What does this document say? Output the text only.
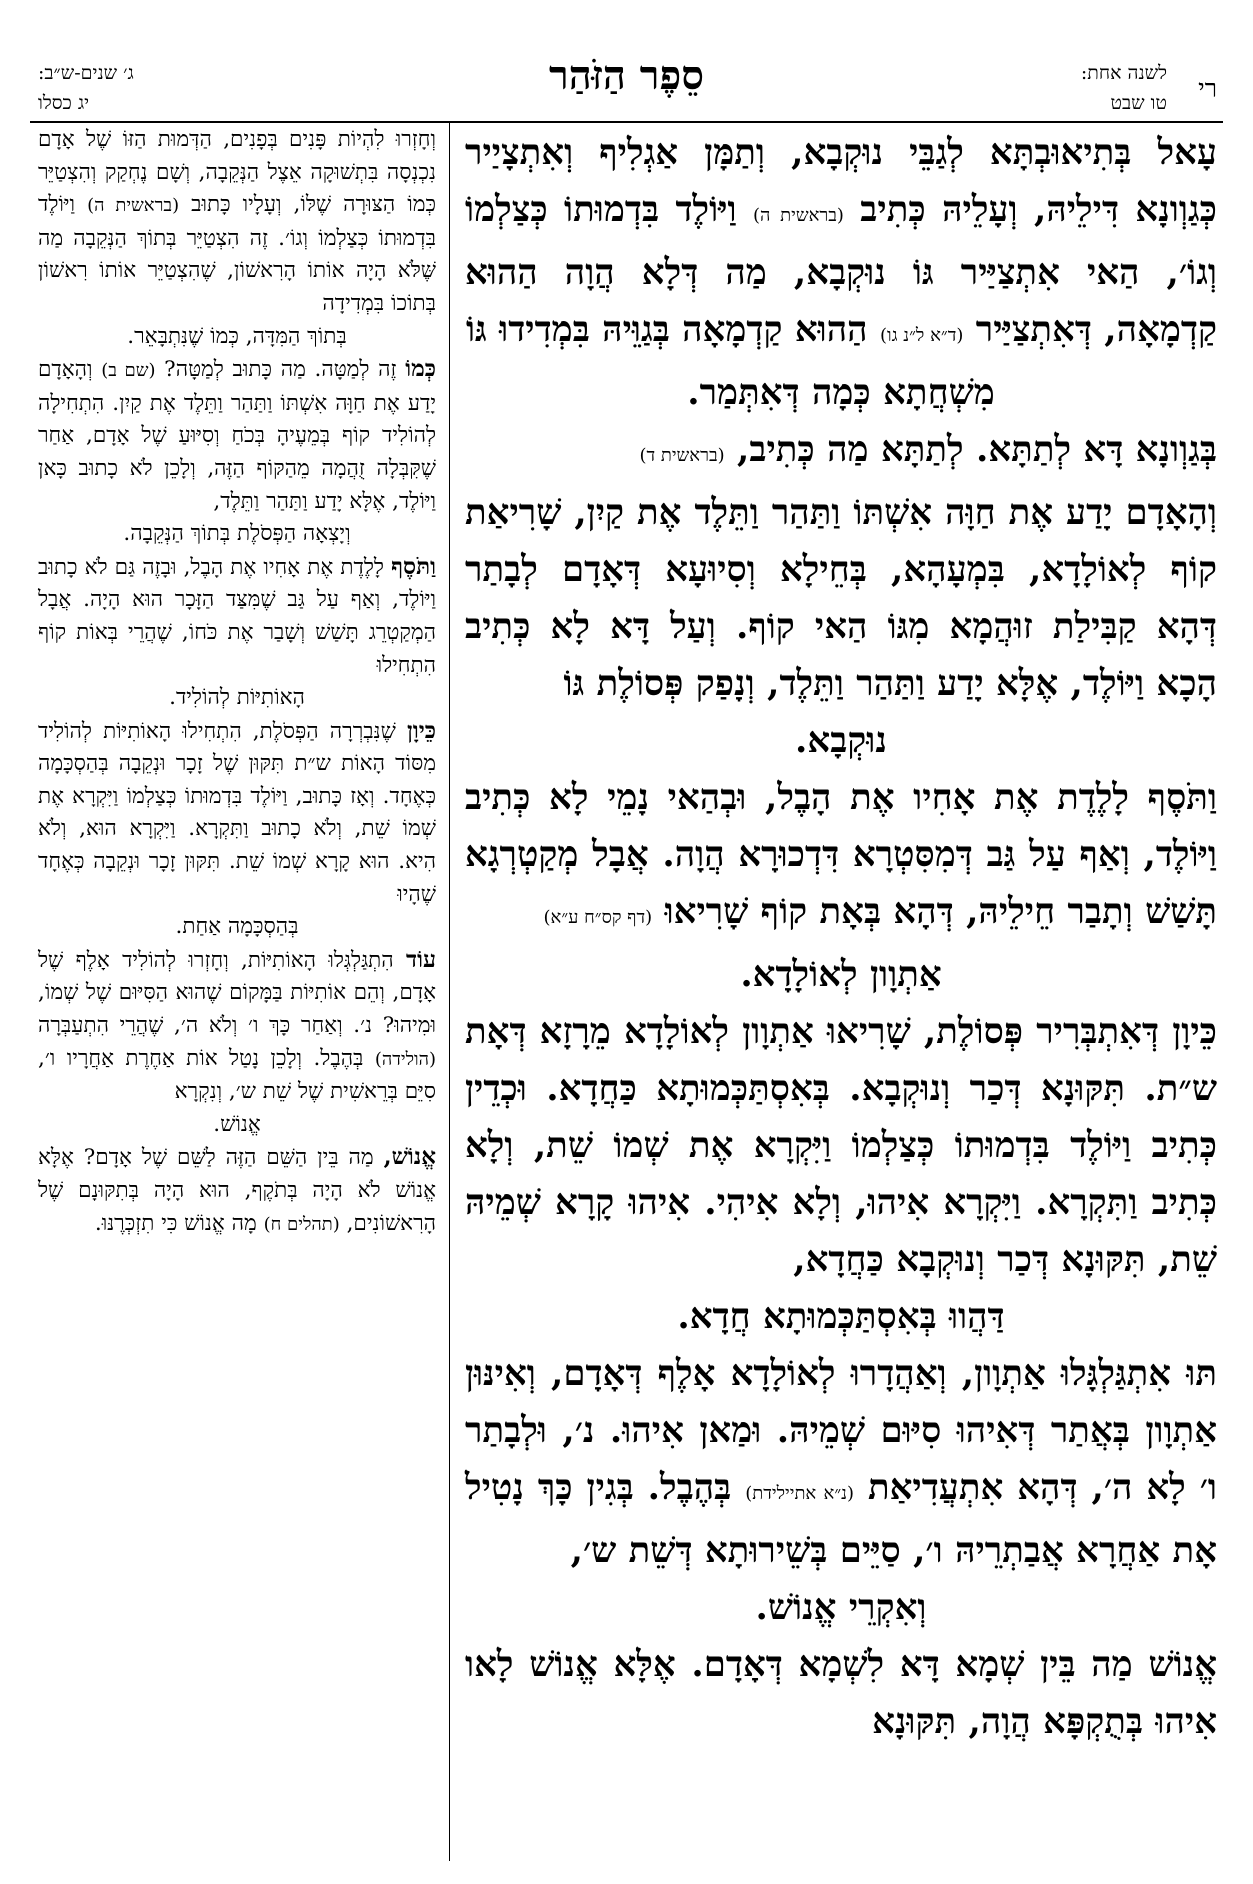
רי
לשנה אחת:
טו שבט
סֵפֶר הַזֹּהַר
ג׳ שנים-ש״ב:
יג כסלו

עָאל בְּתִיאוּבְתָּא לְגַבֵּי נוּקְבָא, וְתַמָּן אַגְלִיף וְאִתְצָיַיר כְּגַוְונָא דִּילֵיהּ, וְעָלֵיהּ כְּתִיב (בראשית ה) וַיּוֹלֶד בִּדְמוּתוֹ כְּצַלְמוֹ וְגוֹ׳, הַאי אִתְצַיַּיר גּוֹ נוּקְבָא, מַה דְּלָא הֲוָה הַהוּא קַדְמָאָה, דְּאִתְצַיַּיר (ד״א ל״נ גו) הַהוּא קַדְמָאָה בְּגַוֵּיהּ בִּמְדִידוּ גּוֹ

מִשְׁחֲתָא כְּמָה דְּאִתְּמַר.

בְּגַוְונָא דָּא לְתַתָּא. לְתַתָּא מַה כְּתִיב, (בראשית ד)

וְהָאָדָם יָדַע אֶת חַוָּה אִשְׁתּוֹ וַתַּהַר וַתֵּלֶד אֶת קַיִן, שָׁרִיאַת קוֹף לְאוֹלָדָא, בִּמְעָהָא, בְּחֵילָא וְסִיוּעָא דְּאָדָם לְבָתַר דְּהָא קַבִּילַת זוּהֲמָא מִגּוֹ הַאי קוֹף. וְעַל דָּא לָא כְּתִיב הָכָא וַיּוֹלֶד, אֶלָּא יָדַע וַתַּהַר וַתֵּלֶד, וְנָפַק פְּסוֹלֶת גּוֹ

נוּקְבָא.

וַתֹּסֶף לָלֶדֶת אֶת אָחִיו אֶת הָבֶל, וּבְהַאי נָמֵי לָא כְּתִיב וַיּוֹלֶד, וְאַף עַל גַּב דְּמִסִּטְרָא דִּדְכוּרָא הֲוָה. אֲבָל מְקַטְרְגָא תָּשַׁשׁ וְתָבַר חֵילֵיהּ, דְּהָא בְּאָת קוֹף שָׁרִיאוּ (דף קס״ח ע״א)

אַתְוָון לְאוֹלָדָא.

כֵּיוָן דְּאִתְבְּרִיר פְּסוֹלֶת, שָׁרִיאוּ אַתְוָון לְאוֹלָדָא מֵרָזָא דְּאָת ש״ת. תִּקּוּנָא דְּכַר וְנוּקְבָא. בְּאִסְתַּכְּמוּתָא כַּחֲדָא. וּכְדֵין כְּתִיב וַיּוֹלֶד בִּדְמוּתוֹ כְּצַלְמוֹ וַיִּקְרָא אֶת שְׁמוֹ שֵׁת, וְלָא כְּתִיב וַתִּקְרָא. וַיִּקְרָא אִיהוּ, וְלָא אִיהִי. אִיהוּ קָרָא שְׁמֵיהּ שֵׁת, תִּקּוּנָא דְּכַר וְנוּקְבָא כַּחֲדָא,

דַּהֲווּ בְּאִסְתַּכְּמוּתָא חֲדָא.

תּוּ אִתְגַּלְגָּלוּ אַתְוָון, וְאַהֲדָרוּ לְאוֹלָדָא אָלֶף דְּאָדָם, וְאִינּוּן אַתְוָון בְּאֲתַר דְּאִיהוּ סִיּוּם שְׁמֵיהּ. וּמַאן אִיהוּ. נ׳, וּלְבָתַר ו׳ לָא ה׳, דְּהָא אִתְעֲדִיאַת (נ״א אתיילידת) בְּהֶבֶל. בְּגִין כָּךְ נָטִיל אָת אַחֲרָא אֲבַתְרֵיהּ ו׳, סַיֵּים בְּשֵׁירוּתָא דְּשֵׁת ש׳,

וְאִקְרֵי אֱנוֹשׁ.

אֱנוֹשׁ מַה בֵּין שְׁמָא דָּא לִשְׁמָא דְּאָדָם. אֶלָּא אֱנוֹשׁ לָאו אִיהוּ בְּתֻקְפָּא הֲוָה, תִּקּוּנָא

וְחָזְרוּ לִהְיוֹת פָּנִים בְּפָנִים, הַדְּמוּת הַזּוֹ שֶׁל אָדָם נִכְנְסָה בִּתְשׁוּקָה אֵצֶל הַנְּקֵבָה, וְשָׁם נֶחְקַק וְהִצְטַיֵּר כְּמוֹ הַצּוּרָה שֶׁלּוֹ, וְעָלָיו כָּתוּב (בראשית ה) וַיּוֹלֶד בִּדְמוּתוֹ כְּצַלְמוֹ וְגוֹ׳. זֶה הִצְטַיֵּר בְּתוֹךְ הַנְּקֵבָה מַה שֶּׁלֹּא הָיָה אוֹתוֹ הָרִאשׁוֹן, שֶׁהִצְטַיֵּר אוֹתוֹ רִאשׁוֹן בְּתוֹכוֹ בִּמְדִידָה

בְּתוֹךְ הַמִּדָּה, כְּמוֹ שֶׁנִּתְבָּאֵר.

כְּמוֹ זֶה לְמַטָּה. מַה כָּתוּב לְמַטָּה? (שם ב) וְהָאָדָם יָדַע אֶת חַוָּה אִשְׁתּוֹ וַתַּהַר וַתֵּלֶד אֶת קַיִן. הִתְחִילָה לְהוֹלִיד קוֹף בְּמֵעֶיהָ בְּכֹחַ וְסִיּוּעַ שֶׁל אָדָם, אַחַר שֶׁקִּבְּלָה זֻהֲמָה מֵהַקּוֹף הַזֶּה, וְלָכֵן לֹא כָתוּב כָּאן וַיּוֹלֶד, אֶלָּא יָדַע וַתַּהַר וַתֵּלֶד,

וְיָצְאָה הַפְּסֹלֶת בְּתוֹךְ הַנְּקֵבָה.

וַתֹּסֶף לָלֶדֶת אֶת אָחִיו אֶת הָבֶל, וּבָזֶה גַּם לֹא כָתוּב וַיּוֹלֶד, וְאַף עַל גַּב שֶׁמִּצַּד הַזָּכָר הוּא הָיָה. אֲבָל הַמְקַטְרֵג תָּשַׁשׁ וְשָׁבַר אֶת כֹּחוֹ, שֶׁהֲרֵי בְּאוֹת קוֹף הִתְחִילוּ

הָאוֹתִיּוֹת לְהוֹלִיד.

כֵּיוָן שֶׁנִּבְרְרָה הַפְּסֹלֶת, הִתְחִילוּ הָאוֹתִיּוֹת לְהוֹלִיד מִסּוֹד הָאוֹת ש״ת תִּקּוּן שֶׁל זָכָר וּנְקֵבָה בְּהַסְכָּמָה כְּאֶחָד. וְאָז כָּתוּב, וַיּוֹלֶד בִּדְמוּתוֹ כְּצַלְמוֹ וַיִּקְרָא אֶת שְׁמוֹ שֵׁת, וְלֹא כָתוּב וַתִּקְרָא. וַיִּקְרָא הוּא, וְלֹא הִיא. הוּא קָרָא שְׁמוֹ שֵׁת. תִּקּוּן זָכָר וּנְקֵבָה כְּאֶחָד שֶׁהָיוּ

בְּהַסְכָּמָה אַחַת.

עוֹד הִתְגַּלְגְּלוּ הָאוֹתִיּוֹת, וְחָזְרוּ לְהוֹלִיד אָלֶף שֶׁל אָדָם, וְהֵם אוֹתִיּוֹת בַּמָּקוֹם שֶׁהוּא הַסִּיּוּם שֶׁל שְׁמוֹ, וּמִיהוּ? נ׳. וְאַחַר כָּךְ ו׳ וְלֹא ה׳, שֶׁהֲרֵי הִתְעַבְּרָה (הולידה) בְּהֶבֶל. וְלָכֵן נָטַל אוֹת אַחֶרֶת אַחֲרָיו ו׳, סִיֵּם בְּרֵאשִׁית שֶׁל שֵׁת ש׳, וְנִקְרָא

אֱנוֹשׁ.

אֱנוֹשׁ, מַה בֵּין הַשֵּׁם הַזֶּה לַשֵּׁם שֶׁל אָדָם? אֶלָּא אֱנוֹשׁ לֹא הָיָה בְּתֹקֶף, הוּא הָיָה בְּתִקּוּנָם שֶׁל הָרִאשׁוֹנִים, (תהלים ח) מָה אֱנוֹשׁ כִּי תִזְכְּרֶנּוּ.
